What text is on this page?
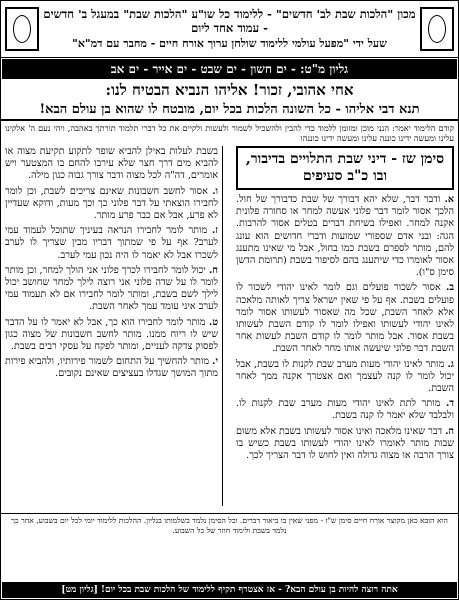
מכון "הלכות שבת לב' חדשים" - ללימוד כל שו"ע "הלכות שבת" במעגל ב' חדשים - עמוד אחד ליום
שעל ידי "מפעל עולמי ללימוד שולחן ערוך אורח חיים - מחבר עם דמ"א"
גליון מ"ט: - ים חשון - ים שבט - ים אייר - ים אב
אחי אהובי, זכור! אליהו הנביא הבטיח לנו:
תנא דבי אליהו - כל השונה הלכות בכל יום, מובטח לו שהוא בן עולם הבא!
קודם הלימוד יאמר: הנני מוכן ומזומן ללמוד כדי להבין ולהשכיל לשמור ולעשות ולקיים את כל דברי תלמוד תורתך באהבה, ויהי נעם ה' אלקינו עלינו ומעשה ידינו כוננה עלינו ומעשה ידינו כוננהו
סימן שז - דיני שבת התלויים בדיבור, ובו כ"ב סעיפים

א. ודבר דבר, שלא יהא דבורך של שבת כדבורך של חול. הלכך אסור לומר דבר פלוני אעשה למחר או סחורה פלונית אקנה למחר. ואפילו בשיחת דברים בטלים אסור להרבות. הגה: ובני אדם שספורי שמועות ודברי חדושים הוא עונג להם, מותר לספרם בשבת כמו בחול, אבל מי שאינו מתענג אסור לאומרו כדי שיתענג בהם לסיפור בשבת (תרומת הדשן סימן ס"ו).

ב. אסור לשכור פועלים וגם לומר לאינו יהודי לשכור לו פועלים בשבת. אף על פי שאין ישראל צריך לאותה מלאכה אלא לאחר השבת, שכל מה שאסור לעשותו אסור לומר לאינו יהודי לעשותו ואפילו לומר לו קודם השבת לעשותו בשבת אסור. אבל מותר לומר לו קודם השבת לעשות אחר השבת דבר פלוני שיעשה אותו מחר לאחר השבת.

ג. מותר לאינו יהודי מעות מערב שבת לקנות לו בשבת, אבל יכול לומר לו קנה לעצמך ואם אצטרך אקנה ממך לאחר השבת.

ד. מותר לתת לאינו יהודי מעות מערב שבת לקנות לו. ולבלבד שלא יאמר לו קנה בשבת.

ה. דבר שאינו מלאכה ואינו אסור לעשותו בשבת אלא משום שבות מותר לאומרו לאינו יהודי לעשותו בשבת כשיש בו צורך הרבה או מצוה גדולה ואין לחוש לו דבר הצריך לכך.

בשבת לעלות באילן להביא שופר לתקוע תקיעת מצוה או להביא מים דרך חצר שלא עירבו להחם בו המצטער ויש אומרים, דה"ה לכל מצוה ודבר צורך גבוה כגון מילה.

ו. אסור לחשב חשבונות שאינם צריכים לשבת, וכן לומר לחבירו הוצאתי על דבר פלוני כך וכך מעות, ודוקא שעדיין לא פרע, אבל אם כבר פרע מותר.

ז. מותר לומר לחבירו הנראה בעיניך שתוכל לעמוד עמי לערב? אף על פי שמתוך דבריו מבין שצריך לו לערב לשכרו אבל לא יאמר לו היה נכון עמי לערב.

ח. יכול לומר לחבירו לכרך פלוני אני הולך למחר, וכן מותר לומר לו על שדה פלוני אני רוצה לילך למחר שחושב יכול לילך לשם בשבת, ומותר לומר לחבירו אם לא תעמוד עמי לערב איני עומד עמך לאחר השבת.

ט. מותר לומר לחבירו הוא כך, אבל לא יאמר לו על הדבר שיש לו ריוח ממנו. מותר לחשב חשבונות של מצוה כגון לפסוק צדקה לעניים, ומותר לפקח על עסקי רבים בשבת.

י. מותר להחשיך על התחום לשמור פירותיו, ולהביא פירות מתוך המושך שגדלו בעציצים שאינם נקובים.

הוא הובא כאן מקוצר אורח חיים סימן ש"ז - מפני שאין בו ביאור דברים. וכל הסימן נלמד בשלמותו בגליון. ההלכות ללימוד יומי לכל יום בשבוע, אחר כך נלמד בשבת ולימוד חוזר של כל השבוע.
אתה רוצה להיות בן עולם הבא? - אז אצטרף תקיף ללימוד של הלכות שבת בכל יום! [גליון מט]
